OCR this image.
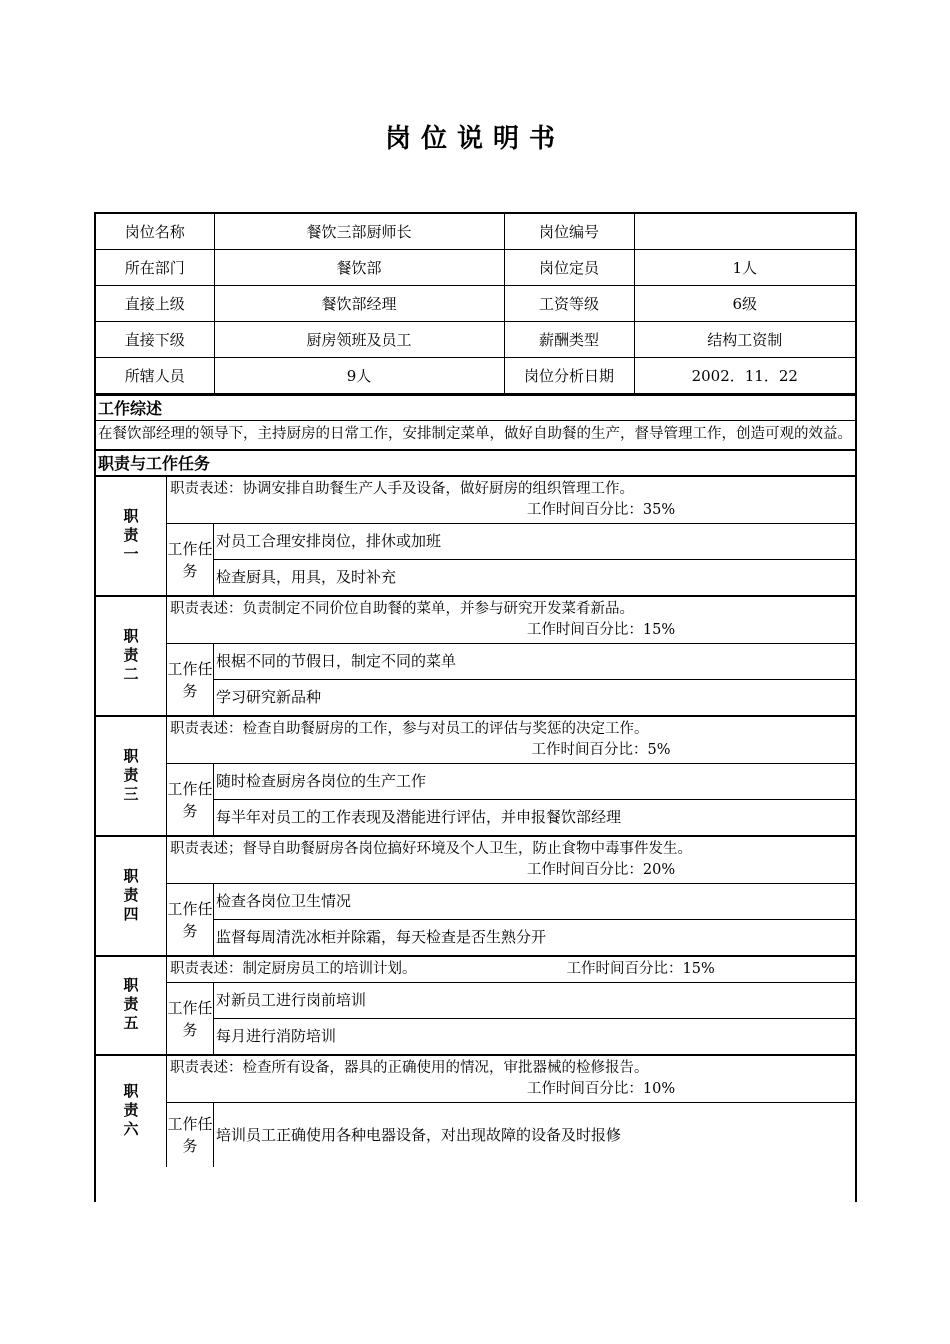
岗位说明书
岗位名称	餐饮三部厨师长	岗位编号	
所在部门	餐饮部	岗位定员	1人
直接上级	餐饮部经理	工资等级	6级
直接下级	厨房领班及员工	薪酬类型	结构工资制
所辖人员	9人	岗位分析日期	2002．11．22
工作综述
在餐饮部经理的领导下，主持厨房的日常工作，安排制定菜单，做好自助餐的生产，督导管理工作，创造可观的效益。
职责与工作任务
职责一
职责表述：协调安排自助餐生产人手及设备，做好厨房的组织管理工作。
工作时间百分比：35%
工作任务
对员工合理安排岗位，排休或加班
检查厨具，用具，及时补充
职责二
职责表述：负责制定不同价位自助餐的菜单，并参与研究开发菜肴新品。
工作时间百分比：15%
工作任务
根椐不同的节假日，制定不同的菜单
学习研究新品种
职责三
职责表述：检查自助餐厨房的工作，参与对员工的评估与奖惩的决定工作。
工作时间百分比：5%
工作任务
随时检查厨房各岗位的生产工作
每半年对员工的工作表现及潜能进行评估，并申报餐饮部经理
职责四
职责表述；督导自助餐厨房各岗位搞好环境及个人卫生，防止食物中毒事件发生。
工作时间百分比：20%
工作任务
检查各岗位卫生情况
监督每周清洗冰柜并除霜，每天检查是否生熟分开
职责五
职责表述：制定厨房员工的培训计划。	工作时间百分比：15%
工作任务
对新员工进行岗前培训
每月进行消防培训
职责六
职责表述：检查所有设备，器具的正确使用的情况，审批器械的检修报告。
工作时间百分比：10%
工作任务
培训员工正确使用各种电器设备，对出现故障的设备及时报修
